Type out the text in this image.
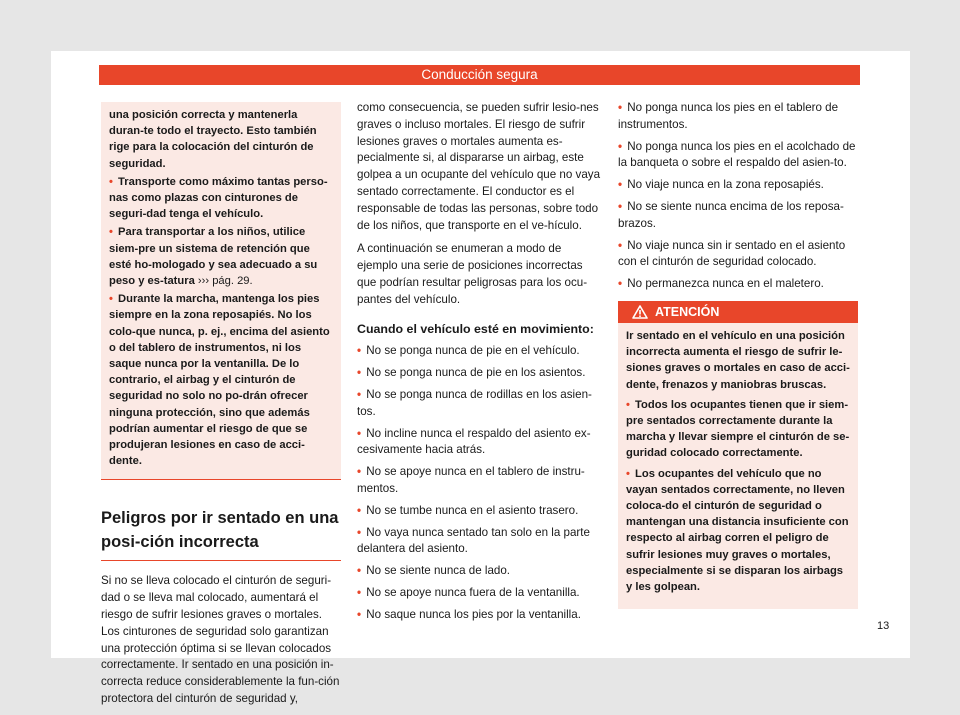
Conducción segura

una posición correcta y mantenerla duran-te todo el trayecto. Esto también rige para la colocación del cinturón de seguridad.

• Transporte como máximo tantas perso-nas como plazas con cinturones de seguri-dad tenga el vehículo.

• Para transportar a los niños, utilice siem-pre un sistema de retención que esté ho-mologado y sea adecuado a su peso y es-tatura ››› pág. 29.

• Durante la marcha, mantenga los pies siempre en la zona reposapiés. No los colo-que nunca, p. ej., encima del asiento o del tablero de instrumentos, ni los saque nunca por la ventanilla. De lo contrario, el airbag y el cinturón de seguridad no solo no po-drán ofrecer ninguna protección, sino que además podrían aumentar el riesgo de que se produjeran lesiones en caso de acci-dente.

Peligros por ir sentado en una posi-ción incorrecta

Si no se lleva colocado el cinturón de seguri-dad o se lleva mal colocado, aumentará el riesgo de sufrir lesiones graves o mortales. Los cinturones de seguridad solo garantizan una protección óptima si se llevan colocados correctamente. Ir sentado en una posición in-correcta reduce considerablemente la fun-ción protectora del cinturón de seguridad y,

como consecuencia, se pueden sufrir lesio-nes graves o incluso mortales. El riesgo de sufrir lesiones graves o mortales aumenta es-pecialmente si, al dispararse un airbag, este golpea a un ocupante del vehículo que no vaya sentado correctamente. El conductor es el responsable de todas las personas, sobre todo de los niños, que transporte en el ve-hículo.

A continuación se enumeran a modo de ejemplo una serie de posiciones incorrectas que podrían resultar peligrosas para los ocu-pantes del vehículo.

Cuando el vehículo esté en movimiento:

• No se ponga nunca de pie en el vehículo.

• No se ponga nunca de pie en los asientos.

• No se ponga nunca de rodillas en los asien-tos.

• No incline nunca el respaldo del asiento ex-cesivamente hacia atrás.

• No se apoye nunca en el tablero de instru-mentos.

• No se tumbe nunca en el asiento trasero.

• No vaya nunca sentado tan solo en la parte delantera del asiento.

• No se siente nunca de lado.

• No se apoye nunca fuera de la ventanilla.

• No saque nunca los pies por la ventanilla.

• No ponga nunca los pies en el tablero de instrumentos.

• No ponga nunca los pies en el acolchado de la banqueta o sobre el respaldo del asien-to.

• No viaje nunca en la zona reposapiés.

• No se siente nunca encima de los reposa-brazos.

• No viaje nunca sin ir sentado en el asiento con el cinturón de seguridad colocado.

• No permanezca nunca en el maletero.

ATENCIÓN

Ir sentado en el vehículo en una posición incorrecta aumenta el riesgo de sufrir le-siones graves o mortales en caso de acci-dente, frenazos y maniobras bruscas.

• Todos los ocupantes tienen que ir siem-pre sentados correctamente durante la marcha y llevar siempre el cinturón de se-guridad colocado correctamente.

• Los ocupantes del vehículo que no vayan sentados correctamente, no lleven coloca-do el cinturón de seguridad o mantengan una distancia insuficiente con respecto al airbag corren el peligro de sufrir lesiones muy graves o mortales, especialmente si se disparan los airbags y les golpean.

13
